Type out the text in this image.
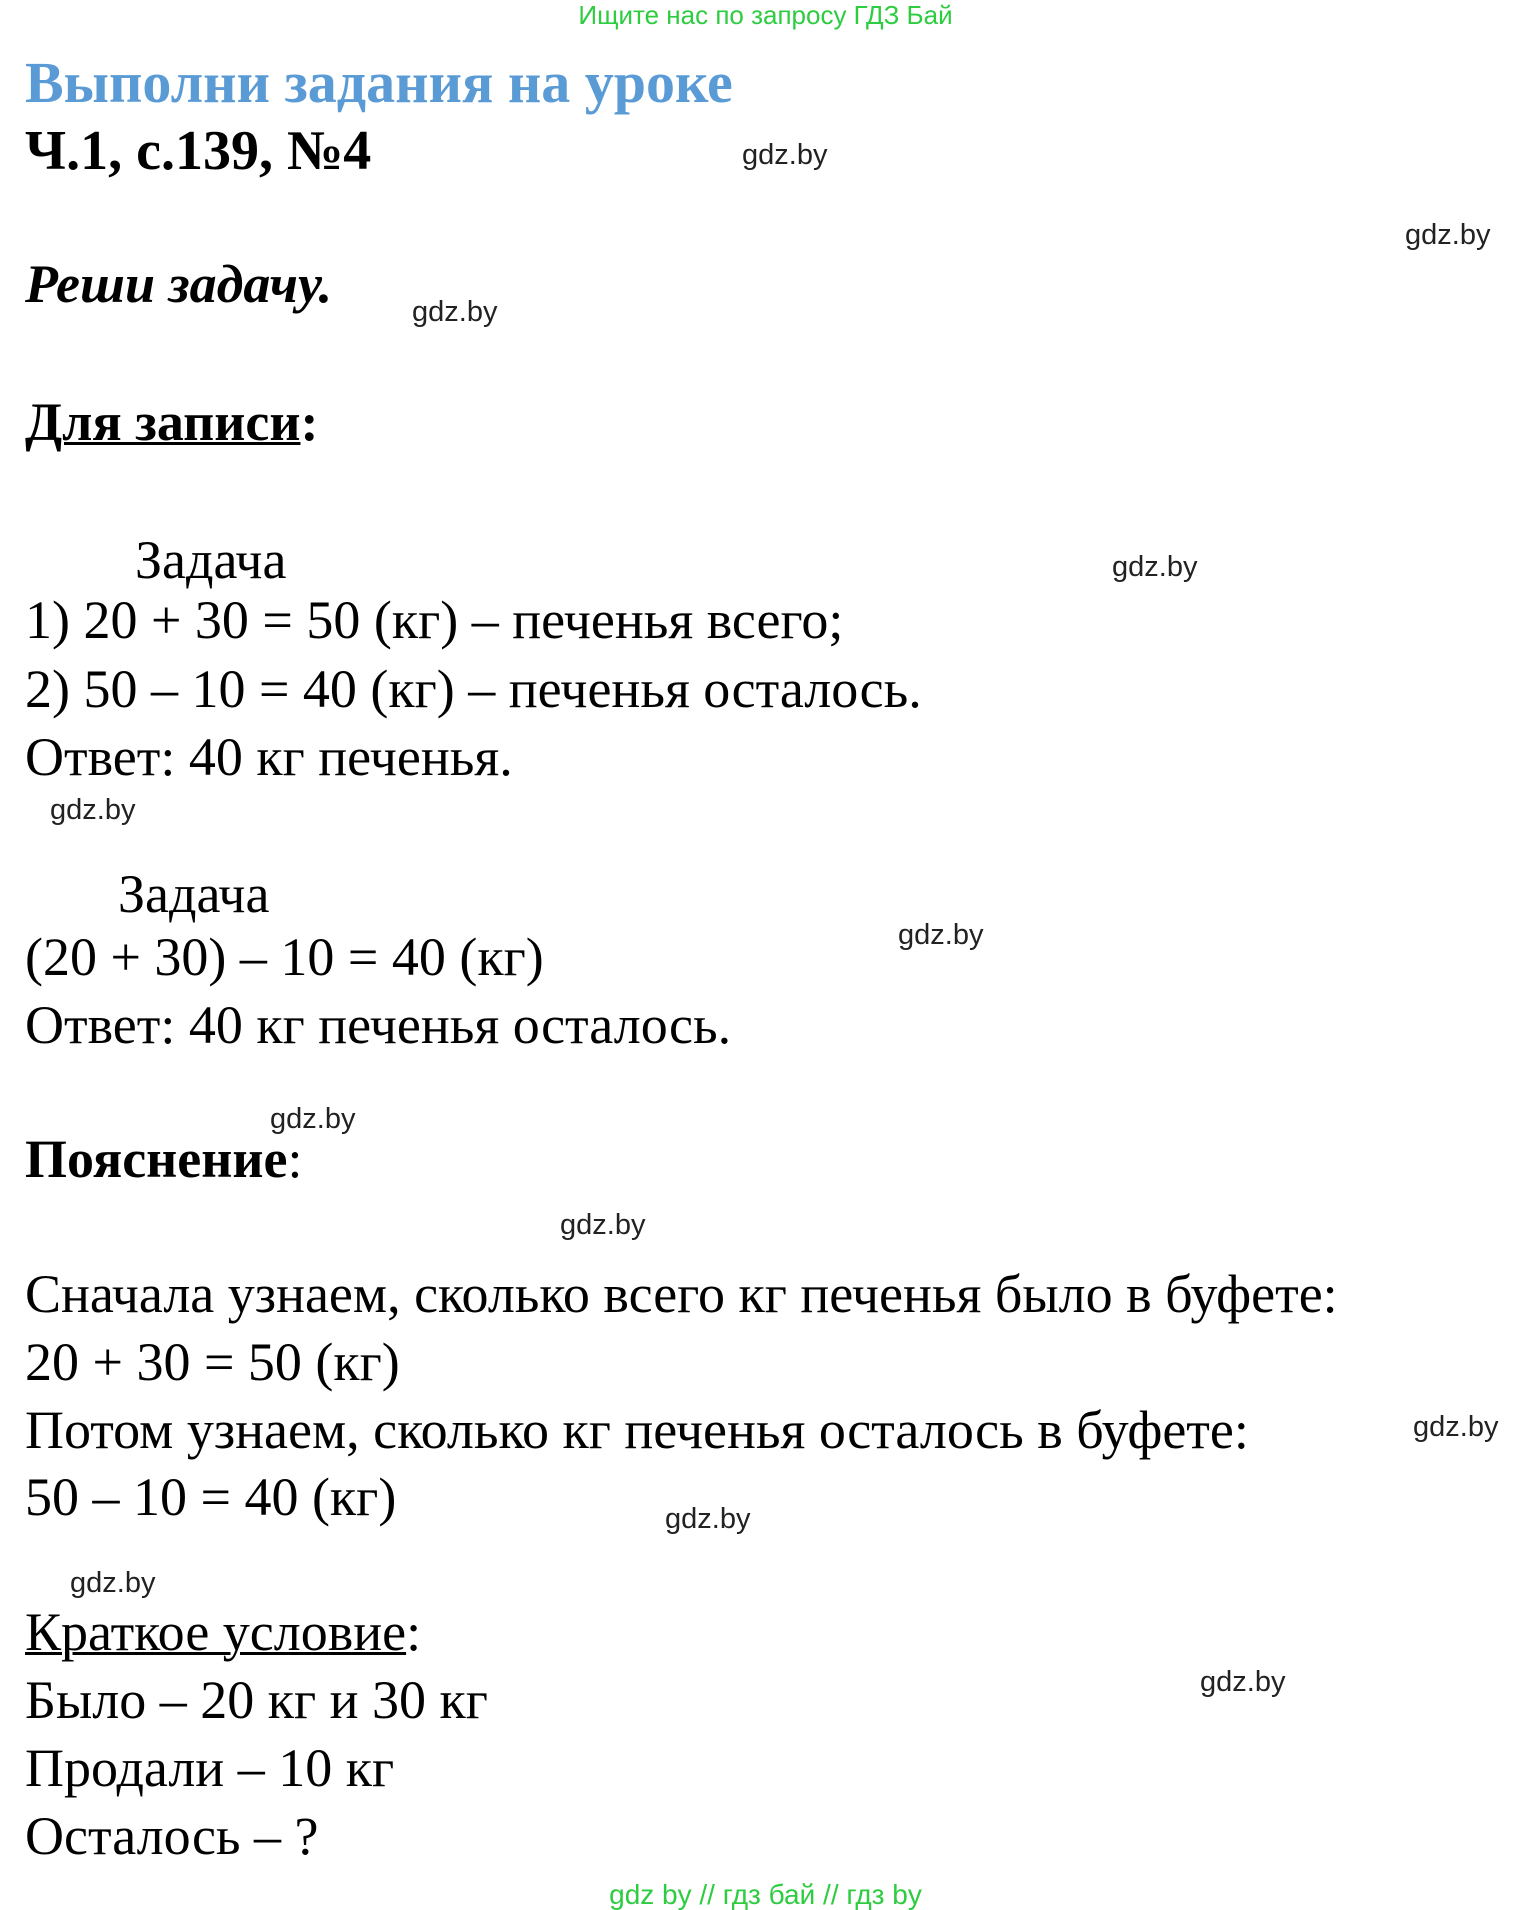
Ищите нас по запросу ГДЗ Бай
Выполни задания на уроке
Ч.1, с.139, №4
Реши задачу.
Для записи:
Задача
1) 20 + 30 = 50 (кг) – печенья всего;
2) 50 – 10 = 40 (кг) – печенья осталось.
Ответ: 40 кг печенья.
Задача
(20 + 30) – 10 = 40 (кг)
Ответ: 40 кг печенья осталось.
Пояснение:
Сначала узнаем, сколько всего кг печенья было в буфете:
20 + 30 = 50 (кг)
Потом узнаем, сколько кг печенья осталось в буфете:
50 – 10 = 40 (кг)
Краткое условие:
Было – 20 кг и 30 кг
Продали – 10 кг
Осталось – ?
gdz.by
gdz.by
gdz.by
gdz.by
gdz.by
gdz.by
gdz.by
gdz.by
gdz.by
gdz.by
gdz.by
gdz.by
gdz by // гдз бай // гдз by
